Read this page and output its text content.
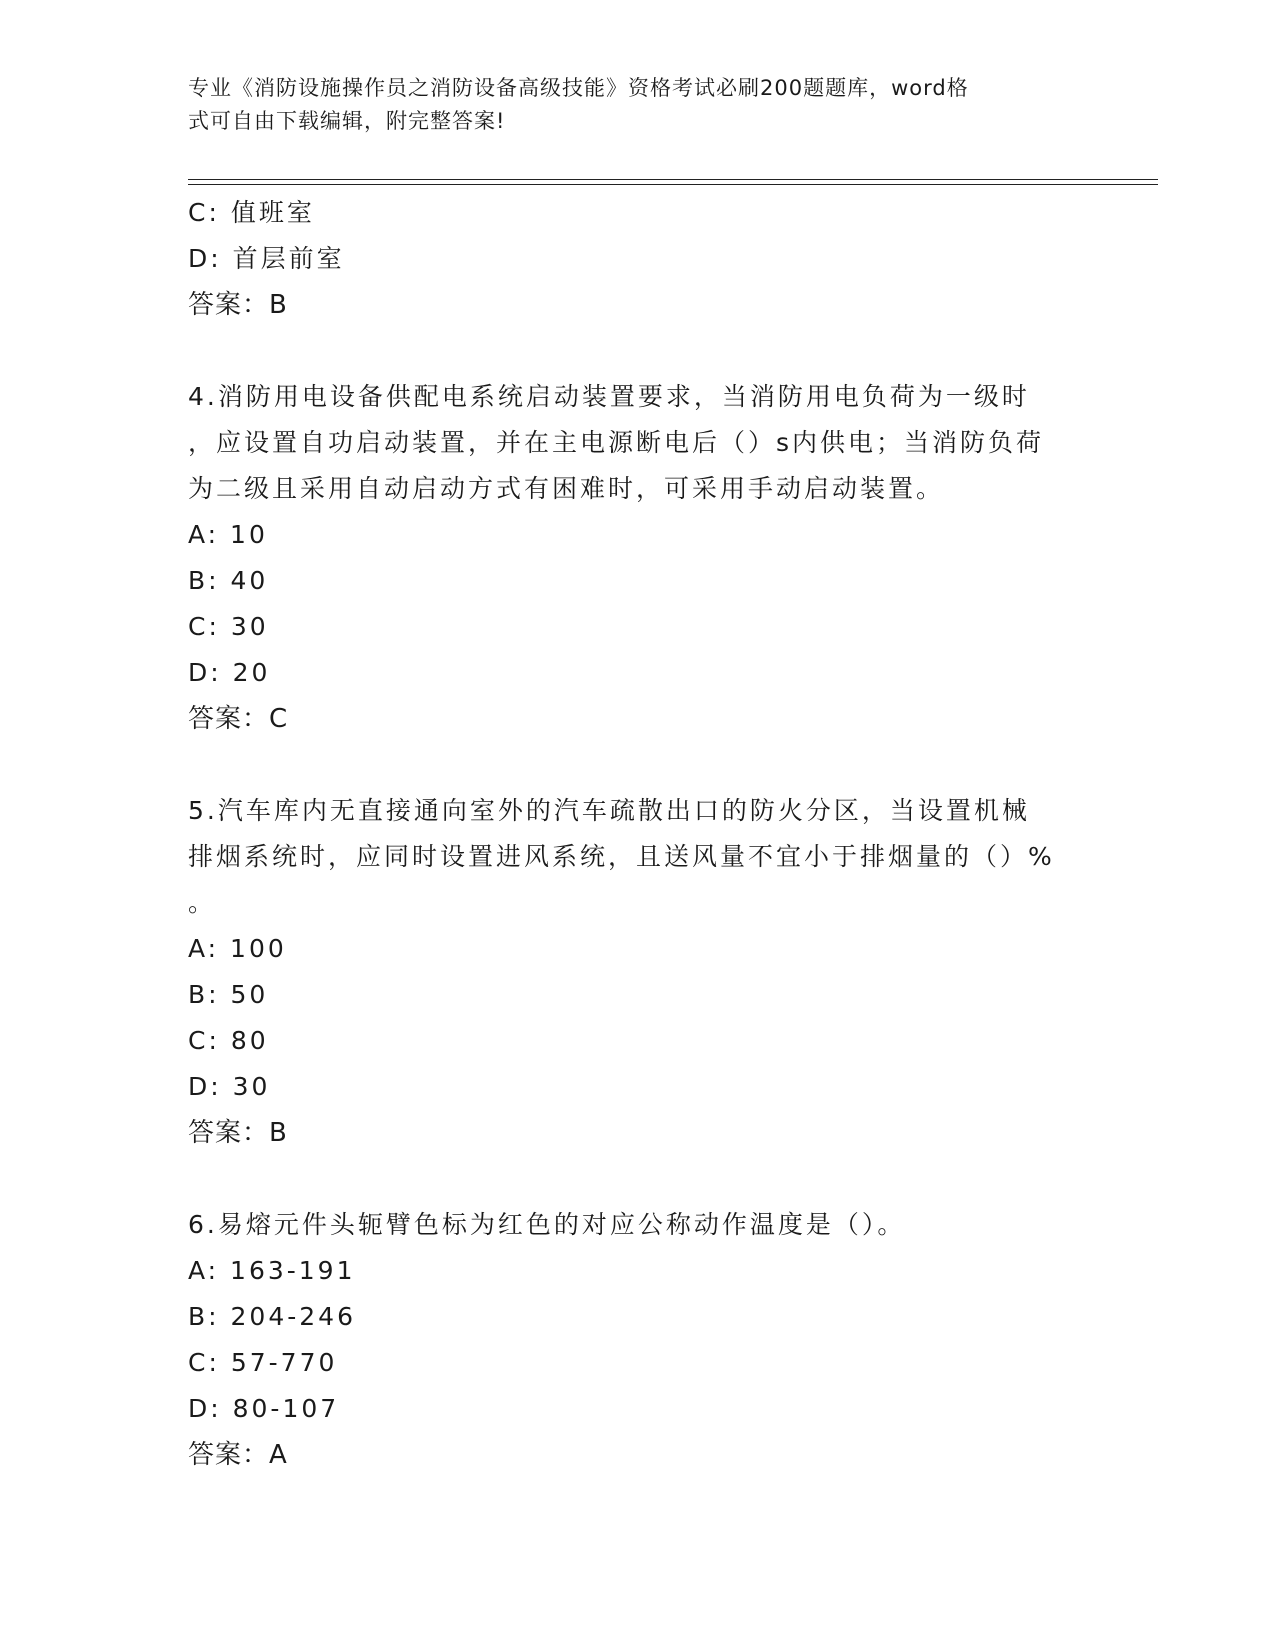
专业《消防设施操作员之消防设备高级技能》资格考试必刷200题题库，word格
式可自由下载编辑，附完整答案!
C: 值班室
D: 首层前室
答案：B
4.消防用电设备供配电系统启动装置要求，当消防用电负荷为一级时
，应设置自功启动装置，并在主电源断电后（）s内供电；当消防负荷
为二级且采用自动启动方式有困难时，可采用手动启动装置。
A: 10
B: 40
C: 30
D: 20
答案：C
5.汽车库内无直接通向室外的汽车疏散出口的防火分区，当设置机械
排烟系统时，应同时设置进风系统，且送风量不宜小于排烟量的（）%
。
A: 100
B: 50
C: 80
D: 30
答案：B
6.易熔元件头轭臂色标为红色的对应公称动作温度是（）。
A: 163-191
B: 204-246
C: 57-770
D: 80-107
答案：A
